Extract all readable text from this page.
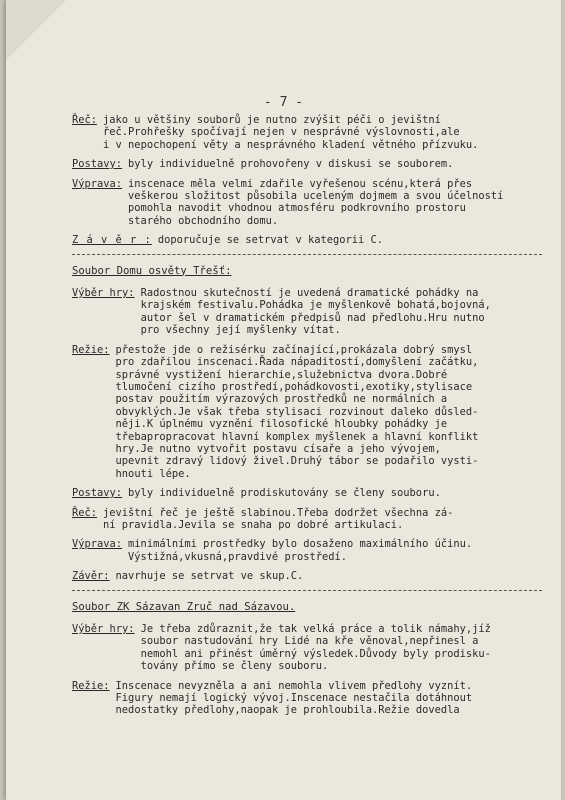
- 7 -
Řeč: jako u většiny souborů je nutno zvýšit péči o jevištní
řeč.Prohřešky spočívají nejen v nesprávné výslovnosti,ale
i v nepochopení věty a nesprávného kladení větného přízvuku.
Postavy: byly individuelně prohovořeny v diskusi se souborem.
Výprava: inscenace měla velmi zdařile vyřešenou scénu,která přes
veškerou složitost působila uceleným dojmem a svou účelností
pomohla navodit vhodnou atmosféru podkrovního prostoru
starého obchodního domu.
Z á v ě r : doporučuje se setrvat v kategorii C.
Soubor Domu osvěty Třešť:
Výběr hry: Radostnou skutečností je uvedená dramatické pohádky na
krajském festivalu.Pohádka je myšlenkově bohatá,bojovná,
autor šel v dramatickém předpisů nad předlohu.Hru nutno
pro všechny její myšlenky vítat.
Režie: přestože jde o režisérku začínající,prokázala dobrý smysl
pro zdařilou inscenaci.Řada nápaditostí,domyšlení začátku,
správné vystižení hierarchie,služebnictva dvora.Dobré
tlumočení cizího prostředí,pohádkovosti,exotiky,stylisace
postav použitím výrazových prostředků ne normálních a
obvyklých.Je však třeba stylisaci rozvinout daleko důsled-
něji.K úplnému vyznění filosofické hloubky pohádky je
třebapropracovat hlavní komplex myšlenek a hlavní konflikt
hry.Je nutno vytvořit postavu císaře a jeho vývojem,
upevnit zdravý lidový živel.Druhý tábor se podařilo vysti-
hnouti lépe.
Postavy: byly individuelně prodiskutovány se členy souboru.
Řeč: jevištní řeč je ještě slabinou.Třeba dodržet všechna zá-
ní pravidla.Jevila se snaha po dobré artikulaci.
Výprava: minimálními prostředky bylo dosaženo maximálního účinu.
Výstižná,vkusná,pravdivé prostředí.
Závěr: navrhuje se setrvat ve skup.C.
Soubor ZK Sázavan Zruč nad Sázavou.
Výběr hry: Je třeba zdůraznit,že tak velká práce a tolik námahy,jíž
soubor nastudování hry Lidé na kře věnoval,nepřinesl a
nemohl ani přinést úměrný výsledek.Důvody byly prodisku-
továny přímo se členy souboru.
Režie: Inscenace nevyzněla a ani nemohla vlivem předlohy vyznít.
Figury nemají logický vývoj.Inscenace nestačila dotáhnout
nedostatky předlohy,naopak je prohloubila.Režie dovedla
